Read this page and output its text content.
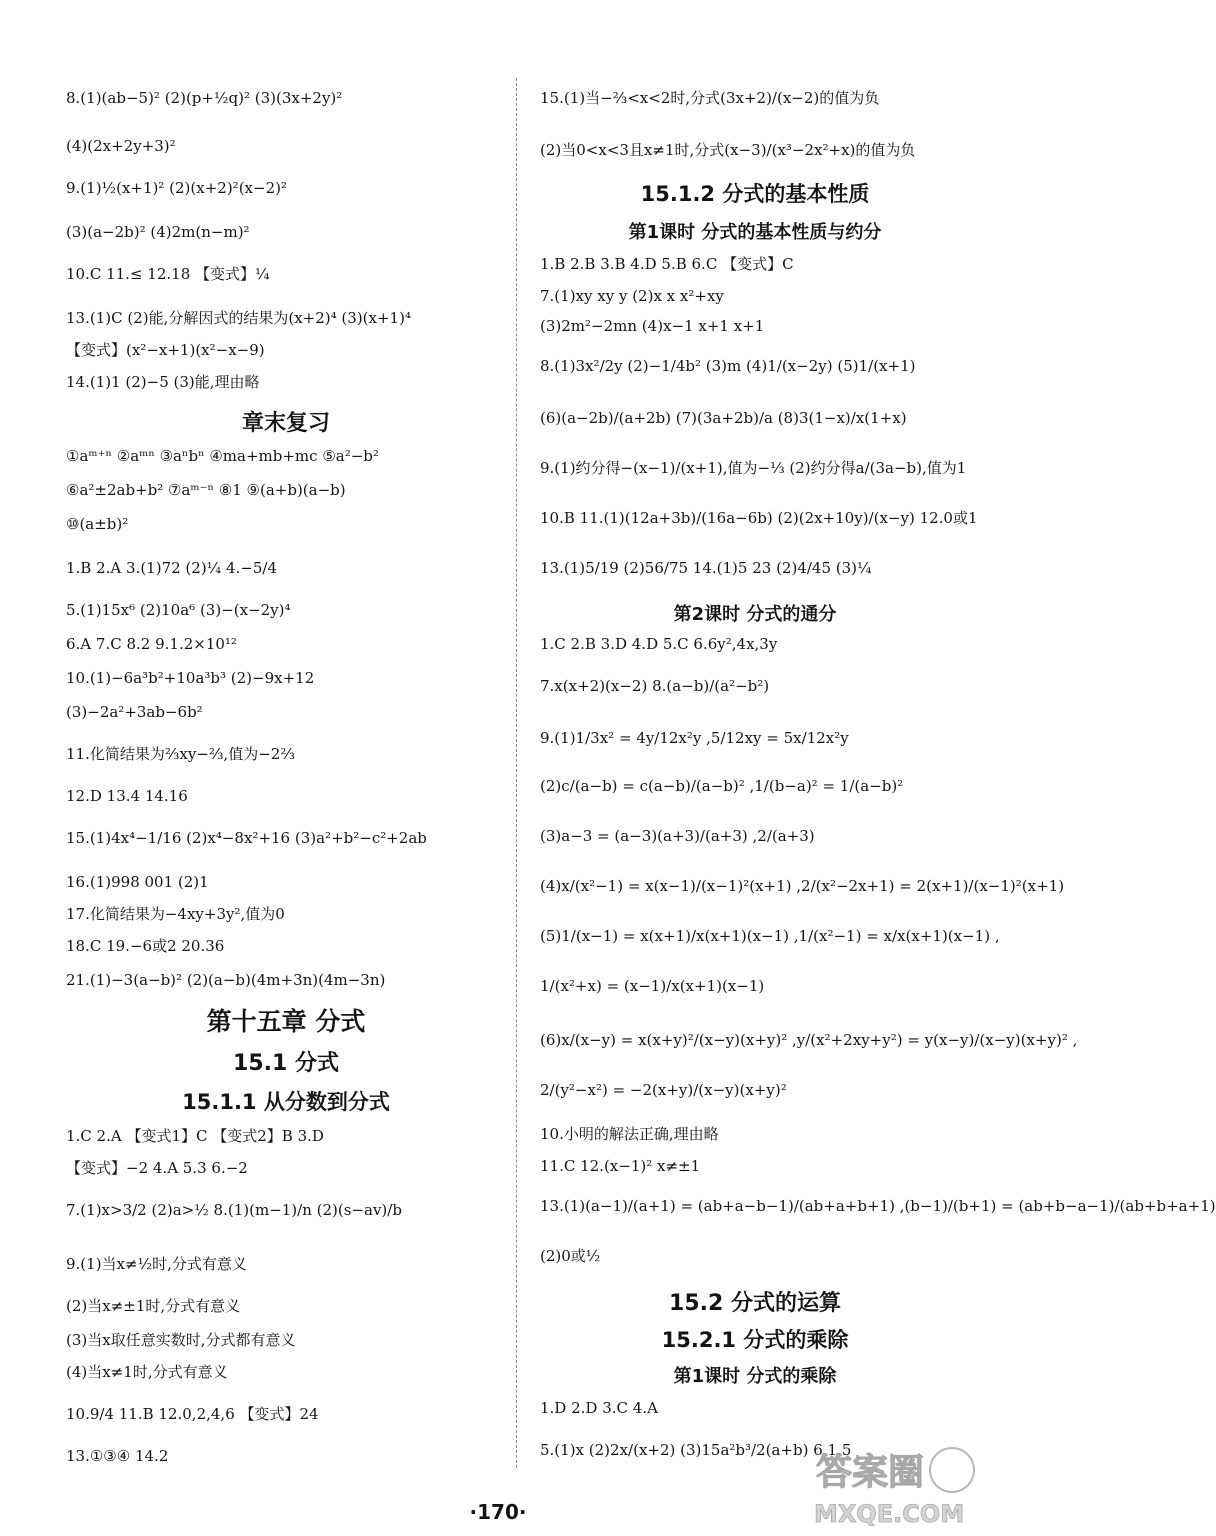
8.(1)(ab−5)² (2)(p+½q)² (3)(3x+2y)²
(4)(2x+2y+3)²
9.(1)½(x+1)² (2)(x+2)²(x−2)²
(3)(a−2b)² (4)2m(n−m)²
10.C 11.≤ 12.18 【变式】¼
13.(1)C (2)能,分解因式的结果为(x+2)⁴ (3)(x+1)⁴
【变式】(x²−x+1)(x²−x−9)
14.(1)1 (2)−5 (3)能,理由略
章末复习
①aᵐ⁺ⁿ ②aᵐⁿ ③aⁿbⁿ ④ma+mb+mc ⑤a²−b²
⑥a²±2ab+b² ⑦aᵐ⁻ⁿ ⑧1 ⑨(a+b)(a−b)
⑩(a±b)²
1.B 2.A 3.(1)72 (2)¼ 4.−5/4
5.(1)15x⁶ (2)10a⁶ (3)−(x−2y)⁴
6.A 7.C 8.2 9.1.2×10¹²
10.(1)−6a³b²+10a³b³ (2)−9x+12
(3)−2a²+3ab−6b²
11.化简结果为⅔xy−⅔,值为−2⅔
12.D 13.4 14.16
15.(1)4x⁴−1/16 (2)x⁴−8x²+16 (3)a²+b²−c²+2ab
16.(1)998 001 (2)1
17.化简结果为−4xy+3y²,值为0
18.C 19.−6或2 20.36
21.(1)−3(a−b)² (2)(a−b)(4m+3n)(4m−3n)
第十五章 分式
15.1 分式
15.1.1 从分数到分式
1.C 2.A 【变式1】C 【变式2】B 3.D
【变式】−2 4.A 5.3 6.−2
7.(1)x>3/2 (2)a>½ 8.(1)(m−1)/n (2)(s−av)/b
9.(1)当x≠½时,分式有意义
(2)当x≠±1时,分式有意义
(3)当x取任意实数时,分式都有意义
(4)当x≠1时,分式有意义
10.9/4 11.B 12.0,2,4,6 【变式】24
13.①③④ 14.2
15.(1)当−⅔<x<2时,分式(3x+2)/(x−2)的值为负
(2)当0<x<3且x≠1时,分式(x−3)/(x³−2x²+x)的值为负
15.1.2 分式的基本性质
第1课时 分式的基本性质与约分
1.B 2.B 3.B 4.D 5.B 6.C 【变式】C
7.(1)xy xy y (2)x x x²+xy
(3)2m²−2mn (4)x−1 x+1 x+1
8.(1)3x²/2y (2)−1/4b² (3)m (4)1/(x−2y) (5)1/(x+1)
(6)(a−2b)/(a+2b) (7)(3a+2b)/a (8)3(1−x)/x(1+x)
9.(1)约分得−(x−1)/(x+1),值为−⅓ (2)约分得a/(3a−b),值为1
10.B 11.(1)(12a+3b)/(16a−6b) (2)(2x+10y)/(x−y) 12.0或1
13.(1)5/19 (2)56/75 14.(1)5 23 (2)4/45 (3)¼
第2课时 分式的通分
1.C 2.B 3.D 4.D 5.C 6.6y²,4x,3y
7.x(x+2)(x−2) 8.(a−b)/(a²−b²)
9.(1)1/3x² = 4y/12x²y ,5/12xy = 5x/12x²y
(2)c/(a−b) = c(a−b)/(a−b)² ,1/(b−a)² = 1/(a−b)²
(3)a−3 = (a−3)(a+3)/(a+3) ,2/(a+3)
(4)x/(x²−1) = x(x−1)/(x−1)²(x+1) ,2/(x²−2x+1) = 2(x+1)/(x−1)²(x+1)
(5)1/(x−1) = x(x+1)/x(x+1)(x−1) ,1/(x²−1) = x/x(x+1)(x−1) ,
1/(x²+x) = (x−1)/x(x+1)(x−1)
(6)x/(x−y) = x(x+y)²/(x−y)(x+y)² ,y/(x²+2xy+y²) = y(x−y)/(x−y)(x+y)² ,
2/(y²−x²) = −2(x+y)/(x−y)(x+y)²
10.小明的解法正确,理由略
11.C 12.(x−1)² x≠±1
13.(1)(a−1)/(a+1) = (ab+a−b−1)/(ab+a+b+1) ,(b−1)/(b+1) = (ab+b−a−1)/(ab+b+a+1)
(2)0或½
15.2 分式的运算
15.2.1 分式的乘除
第1课时 分式的乘除
1.D 2.D 3.C 4.A
5.(1)x (2)2x/(x+2) (3)15a²b³/2(a+b) 6.1.5
·170·
答案圈
MXQE.COM
